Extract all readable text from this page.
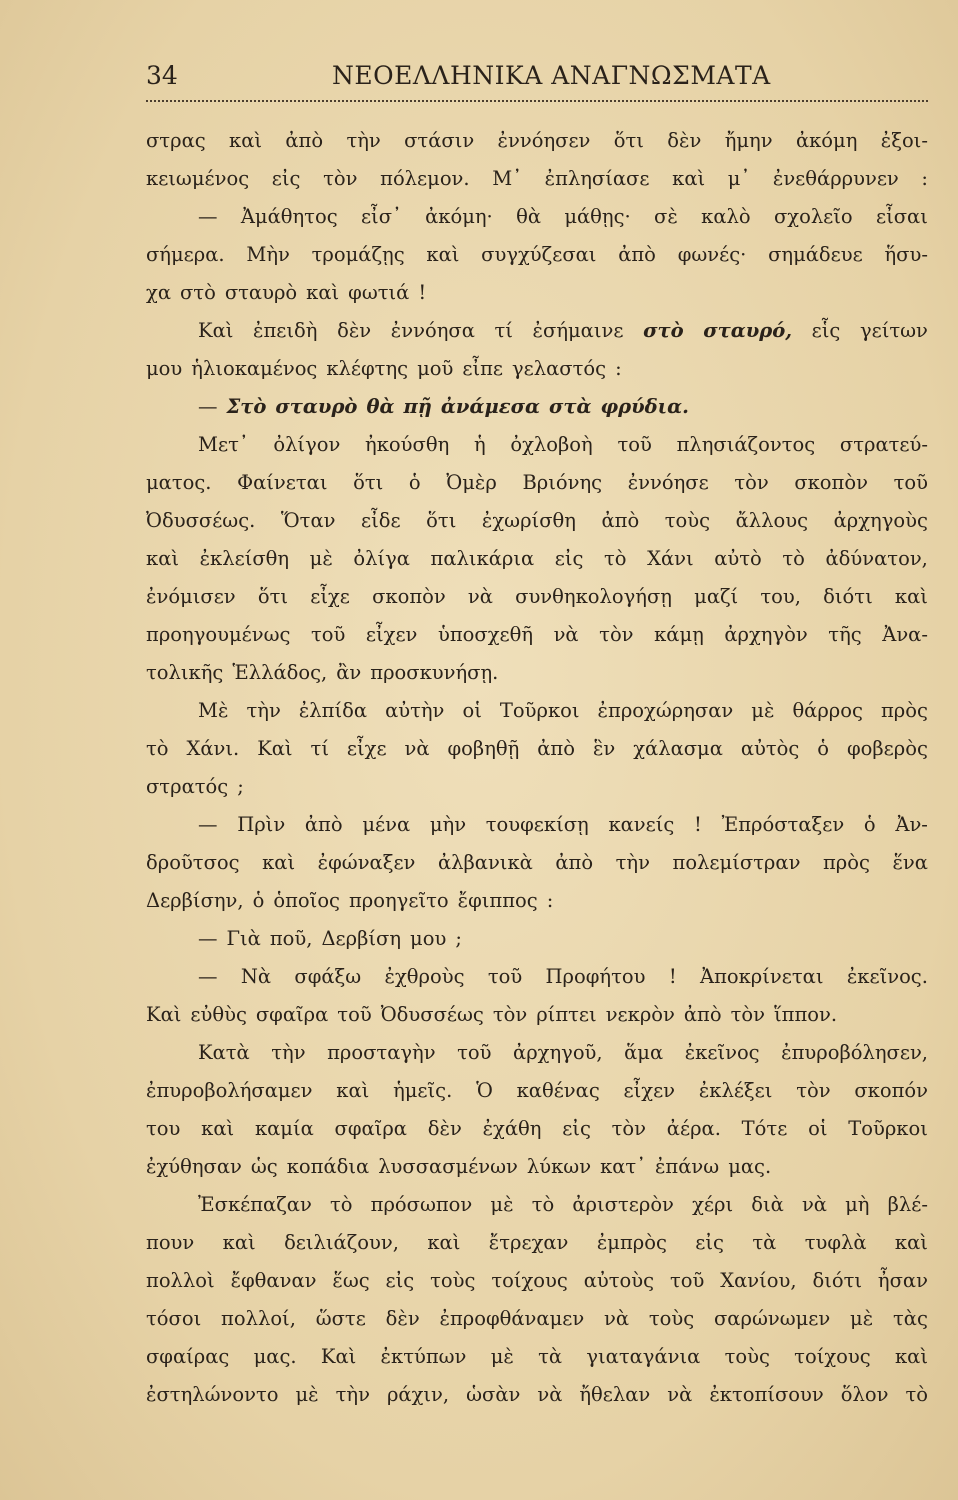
34	ΝΕΟΕΛΛΗΝΙΚΑ ΑΝΑΓΝΩΣΜΑΤΑ
στρας καὶ ἀπὸ τὴν στάσιν ἐννόησεν ὅτι δὲν ἤμην ἀκόμη ἐξοι-
κειωμένος εἰς τὸν πόλεμον. Μ᾽ ἐπλησίασε καὶ μ᾽ ἐνεθάρρυνεν :
— Ἀμάθητος εἶσ᾽ ἀκόμη· θὰ μάθῃς· σὲ καλὸ σχολεῖο εἶσαι
σήμερα. Μὴν τρομάζῃς καὶ συγχύζεσαι ἀπὸ φωνές· σημάδευε ἥσυ-
χα στὸ σταυρὸ καὶ φωτιά !
Καὶ ἐπειδὴ δὲν ἐννόησα τί ἐσήμαινε στὸ σταυρό, εἷς γείτων
μου ἡλιοκαμένος κλέφτης μοῦ εἶπε γελαστός :
— Στὸ σταυρὸ θὰ πῇ ἀνάμεσα στὰ φρύδια.
Μετ᾽ ὀλίγον ἠκούσθη ἡ ὀχλοβοὴ τοῦ πλησιάζοντος στρατεύ-
ματος. Φαίνεται ὅτι ὁ Ὀμὲρ Βριόνης ἐννόησε τὸν σκοπὸν τοῦ
Ὀδυσσέως. Ὅταν εἶδε ὅτι ἐχωρίσθη ἀπὸ τοὺς ἄλλους ἀρχηγοὺς
καὶ ἐκλείσθη μὲ ὀλίγα παλικάρια εἰς τὸ Χάνι αὐτὸ τὸ ἀδύνατον,
ἐνόμισεν ὅτι εἶχε σκοπὸν νὰ συνθηκολογήσῃ μαζί του, διότι καὶ
προηγουμένως τοῦ εἶχεν ὑποσχεθῆ νὰ τὸν κάμῃ ἀρχηγὸν τῆς Ἀνα-
τολικῆς Ἑλλάδος, ἂν προσκυνήσῃ.
Μὲ τὴν ἐλπίδα αὐτὴν οἱ Τοῦρκοι ἐπροχώρησαν μὲ θάρρος πρὸς
τὸ Χάνι. Καὶ τί εἶχε νὰ φοβηθῇ ἀπὸ ἓν χάλασμα αὐτὸς ὁ φοβερὸς
στρατός ;
— Πρὶν ἀπὸ μένα μὴν τουφεκίσῃ κανείς ! Ἐπρόσταξεν ὁ Ἀν-
δροῦτσος καὶ ἐφώναξεν ἀλβανικὰ ἀπὸ τὴν πολεμίστραν πρὸς ἕνα
Δερβίσην, ὁ ὁποῖος προηγεῖτο ἔφιππος :
— Γιὰ ποῦ, Δερβίση μου ;
— Νὰ σφάξω ἐχθροὺς τοῦ Προφήτου ! Ἀποκρίνεται ἐκεῖνος.
Καὶ εὐθὺς σφαῖρα τοῦ Ὀδυσσέως τὸν ρίπτει νεκρὸν ἀπὸ τὸν ἵππον.
Κατὰ τὴν προσταγὴν τοῦ ἀρχηγοῦ, ἅμα ἐκεῖνος ἐπυροβόλησεν,
ἐπυροβολήσαμεν καὶ ἡμεῖς. Ὁ καθένας εἶχεν ἐκλέξει τὸν σκοπόν
του καὶ καμία σφαῖρα δὲν ἐχάθη εἰς τὸν ἀέρα. Τότε οἱ Τοῦρκοι
ἐχύθησαν ὡς κοπάδια λυσσασμένων λύκων κατ᾽ ἐπάνω μας.
Ἐσκέπαζαν τὸ πρόσωπον μὲ τὸ ἀριστερὸν χέρι διὰ νὰ μὴ βλέ-
πουν καὶ δειλιάζουν, καὶ ἔτρεχαν ἐμπρὸς εἰς τὰ τυφλὰ καὶ
πολλοὶ ἔφθαναν ἕως εἰς τοὺς τοίχους αὐτοὺς τοῦ Χανίου, διότι ἦσαν
τόσοι πολλοί, ὥστε δὲν ἐπροφθάναμεν νὰ τοὺς σαρώνωμεν μὲ τὰς
σφαίρας μας. Καὶ ἐκτύπων μὲ τὰ γιαταγάνια τοὺς τοίχους καὶ
ἐστηλώνοντο μὲ τὴν ράχιν, ὡσὰν νὰ ἤθελαν νὰ ἐκτοπίσουν ὅλον τὸ
